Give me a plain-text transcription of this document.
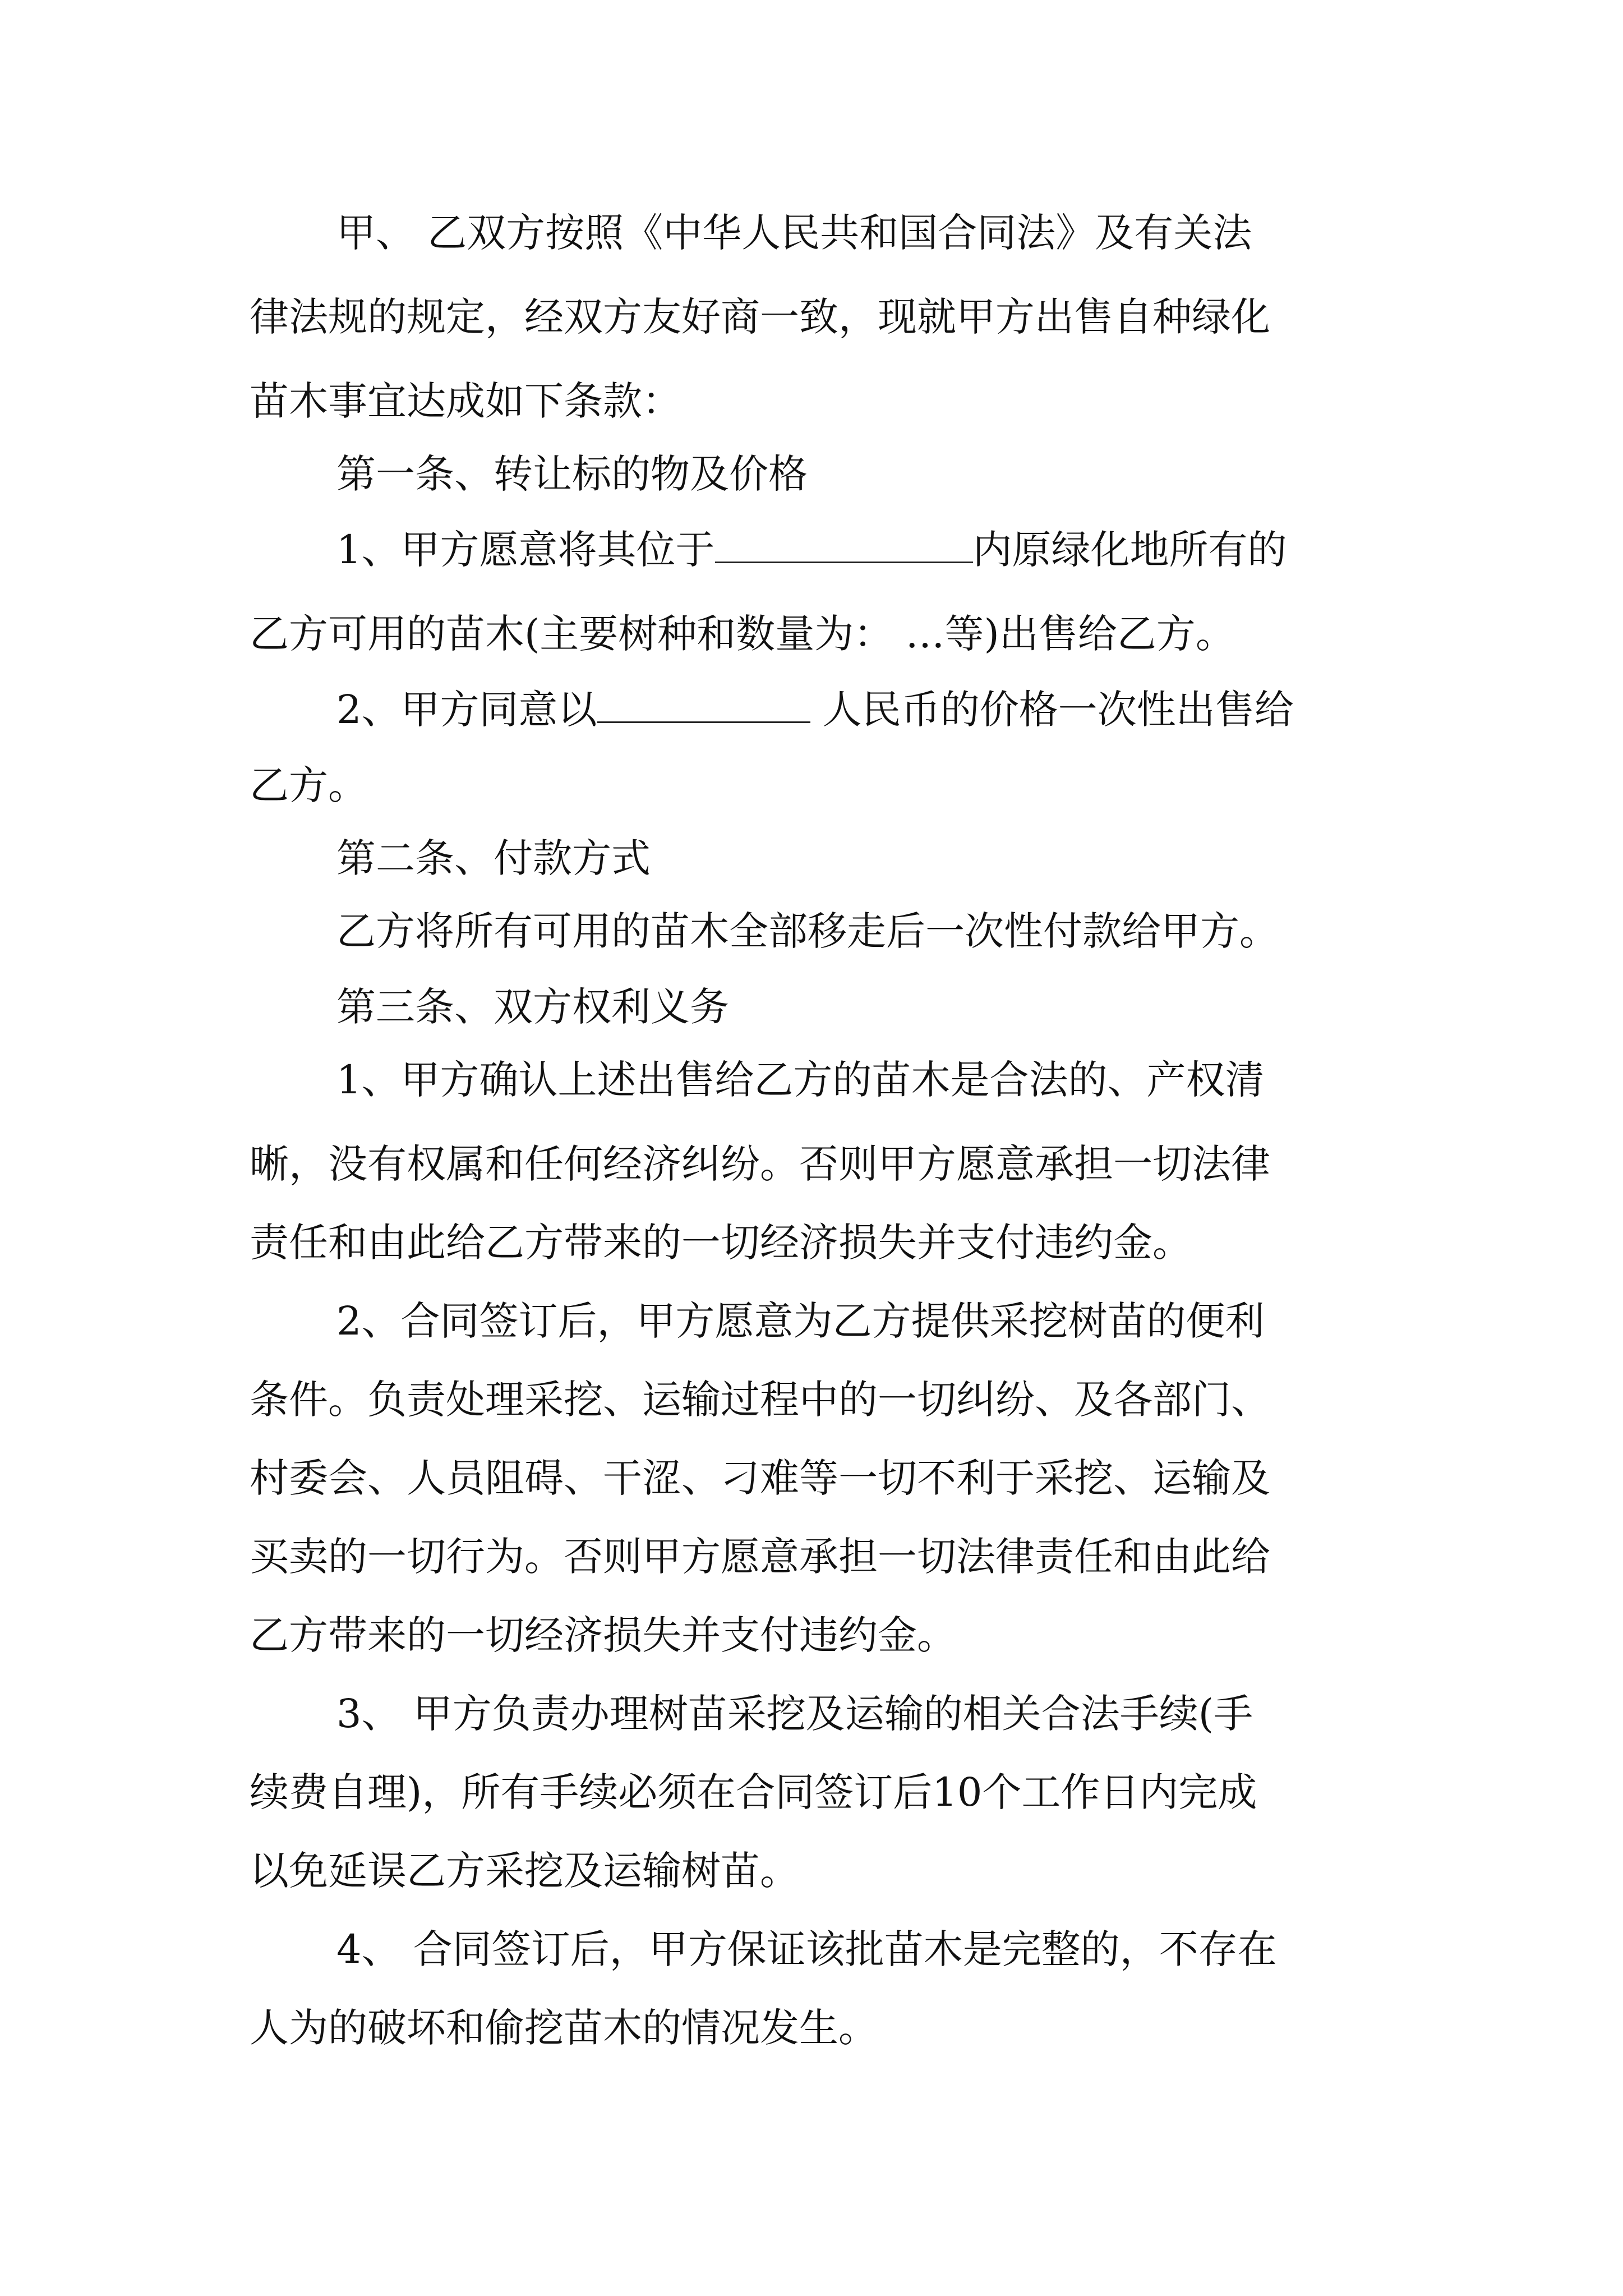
甲、 乙双方按照《中华人民共和国合同法》及有关法
律法规的规定，经双方友好商一致，现就甲方出售自种绿化
苗木事宜达成如下条款：
第一条、转让标的物及价格
1、甲方愿意将其位于	内原绿化地所有的
乙方可用的苗木(主要树种和数量为： …等)出售给乙方。
2、甲方同意以	人民币的价格一次性出售给
乙方。
第二条、付款方式
乙方将所有可用的苗木全部移走后一次性付款给甲方。
第三条、双方权利义务
1、甲方确认上述出售给乙方的苗木是合法的、产权清
晰，没有权属和任何经济纠纷。否则甲方愿意承担一切法律
责任和由此给乙方带来的一切经济损失并支付违约金。
2、合同签订后，甲方愿意为乙方提供采挖树苗的便利
条件。负责处理采挖、运输过程中的一切纠纷、及各部门、
村委会、人员阻碍、干涩、刁难等一切不利于采挖、运输及
买卖的一切行为。否则甲方愿意承担一切法律责任和由此给
乙方带来的一切经济损失并支付违约金。
3、 甲方负责办理树苗采挖及运输的相关合法手续(手
续费自理)，所有手续必须在合同签订后10个工作日内完成
以免延误乙方采挖及运输树苗。
4、 合同签订后，甲方保证该批苗木是完整的，不存在
人为的破坏和偷挖苗木的情况发生。
